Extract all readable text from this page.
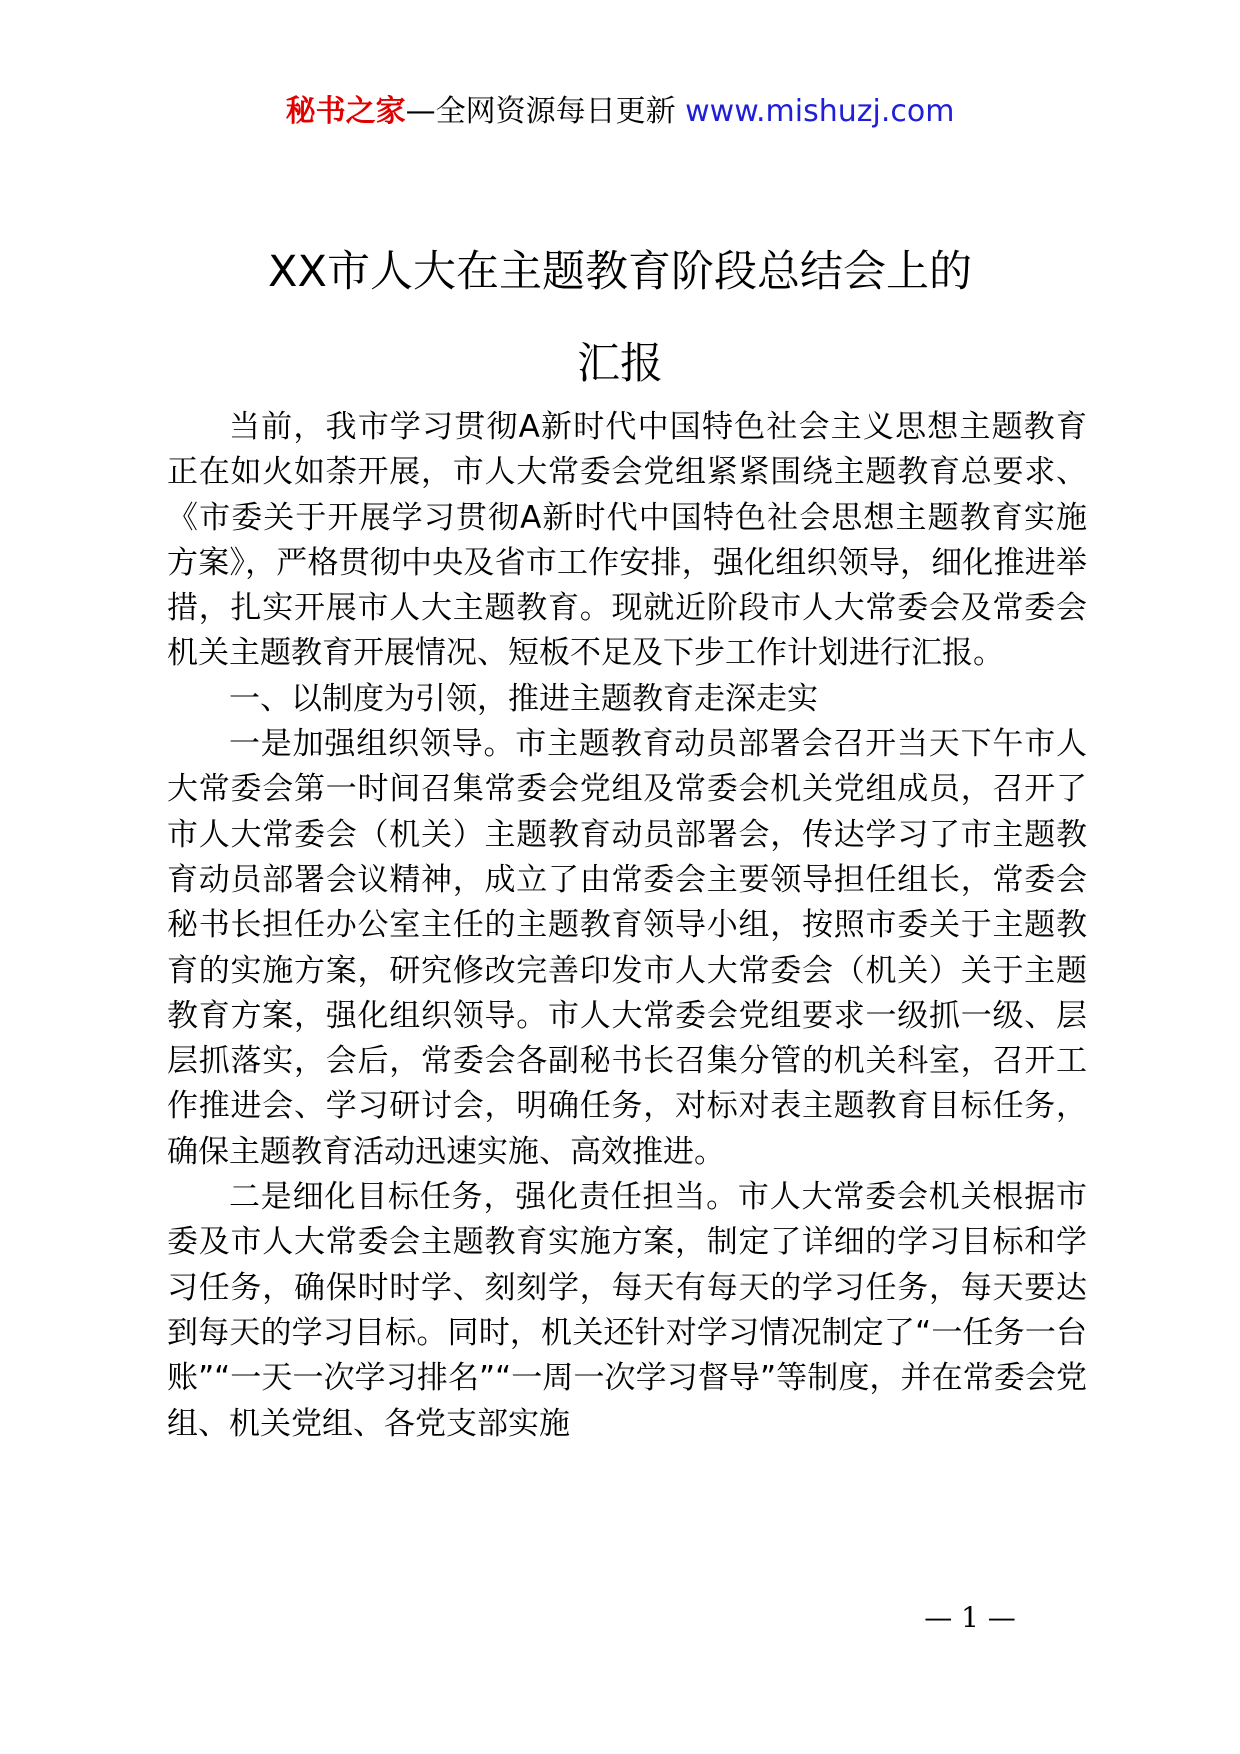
秘书之家—全网资源每日更新 www.mishuzj.com
XX市人大在主题教育阶段总结会上的
汇报

当前，我市学习贯彻A新时代中国特色社会主义思想主题教育正在如火如荼开展，市人大常委会党组紧紧围绕主题教育总要求、《市委关于开展学习贯彻A新时代中国特色社会思想主题教育实施方案》，严格贯彻中央及省市工作安排，强化组织领导，细化推进举措，扎实开展市人大主题教育。现就近阶段市人大常委会及常委会机关主题教育开展情况、短板不足及下步工作计划进行汇报。

一、以制度为引领，推进主题教育走深走实

一是加强组织领导。市主题教育动员部署会召开当天下午市人大常委会第一时间召集常委会党组及常委会机关党组成员，召开了市人大常委会（机关）主题教育动员部署会，传达学习了市主题教育动员部署会议精神，成立了由常委会主要领导担任组长，常委会秘书长担任办公室主任的主题教育领导小组，按照市委关于主题教育的实施方案，研究修改完善印发市人大常委会（机关）关于主题教育方案，强化组织领导。市人大常委会党组要求一级抓一级、层层抓落实，会后，常委会各副秘书长召集分管的机关科室，召开工作推进会、学习研讨会，明确任务，对标对表主题教育目标任务，确保主题教育活动迅速实施、高效推进。

二是细化目标任务，强化责任担当。市人大常委会机关根据市委及市人大常委会主题教育实施方案，制定了详细的学习目标和学习任务，确保时时学、刻刻学，每天有每天的学习任务，每天要达到每天的学习目标。同时，机关还针对学习情况制定了“一任务一台账”“一天一次学习排名”“一周一次学习督导”等制度，并在常委会党组、机关党组、各党支部实施

— 1 —
